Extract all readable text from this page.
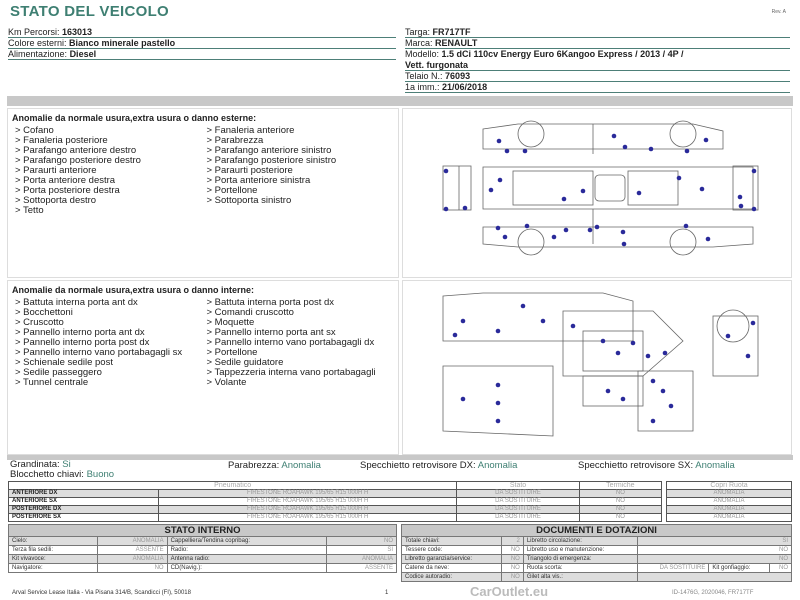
STATO DEL VEICOLO	Rev. A
Km Percorsi: 163013
Colore esterni: Bianco minerale pastello
Alimentazione: Diesel
Targa: FR717TF
Marca: RENAULT
Modello: 1.5 dCi 110cv Energy Euro 6Kangoo Express / 2013 / 4P /
Vett. furgonata
Telaio N.: 76093
1a imm.: 21/06/2018
Anomalie da normale usura,extra usura o danno esterne:
> Cofano
> Fanaleria posteriore
> Parafango anteriore destro
> Parafango posteriore destro
> Paraurti anteriore
> Porta anteriore destra
> Porta posteriore destra
> Sottoporta destro
> Tetto
> Fanaleria anteriore
> Parabrezza
> Parafango anteriore sinistro
> Parafango posteriore sinistro
> Paraurti posteriore
> Porta anteriore sinistra
> Portellone
> Sottoporta sinistro
Anomalie da normale usura,extra usura o danno interne:
> Battuta interna porta ant dx
> Bocchettoni
> Cruscotto
> Pannello interno porta ant dx
> Pannello interno porta post dx
> Pannello interno vano portabagagli sx
> Schienale sedile post
> Sedile passeggero
> Tunnel centrale
> Battuta interna porta post dx
> Comandi cruscotto
> Moquette
> Pannello interno porta ant sx
> Pannello interno vano portabagagli dx
> Portellone
> Sedile guidatore
> Tappezzeria interna vano portabagagli
> Volante
Grandinata: Si
Blocchetto chiavi: Buono
Parabrezza: Anomalia	Specchietto retrovisore DX: Anomalia	Specchietto retrovisore SX: Anomalia
Pneumatico		Stato	Termiche
ANTERIORE DX	FIRESTONE ROAHAWK 195/65 R15 000H H	DA SOSTITUIRE	NO
ANTERIORE SX	FIRESTONE ROAHAWK 195/65 R15 000H H	DA SOSTITUIRE	NO
POSTERIORE DX	FIRESTONE ROAHAWK 195/65 R15 000H H	DA SOSTITUIRE	NO
POSTERIORE SX	FIRESTONE ROAHAWK 195/65 R15 000H H	DA SOSTITUIRE	NO
Copri Ruota
ANOMALIA
ANOMALIA
ANOMALIA
ANOMALIA
STATO INTERNO			
Cielo:	ANOMALIA	Cappelliera/Tendina copribag:	NO
Terza fila sedili:	ASSENTE	Radio:	SI
Kit vivavoce:	ANOMALIA	Antenna radio:	ANOMALIA
Navigatore:	NO	CD(Navig.):	ASSENTE
DOCUMENTI E DOTAZIONI					
Totale chiavi:	2	Libretto circolazione:	SI		
Tessere code:	NO	Libretto uso e manutenzione:	NO		
Libretto garanzia/service:	NO	Triangolo di emergenza:	NO		
Catene da neve:	NO	Ruota scorta:	DA SOSTITUIRE	Kit gonfiaggio:	NO
Codice autoradio:	NO	Gilet alta vis.:			
CarOutlet.eu
Arval Service Lease Italia - Via Pisana 314/B, Scandicci (FI), 50018	1	ID-1476G, 2020046, FR717TF
